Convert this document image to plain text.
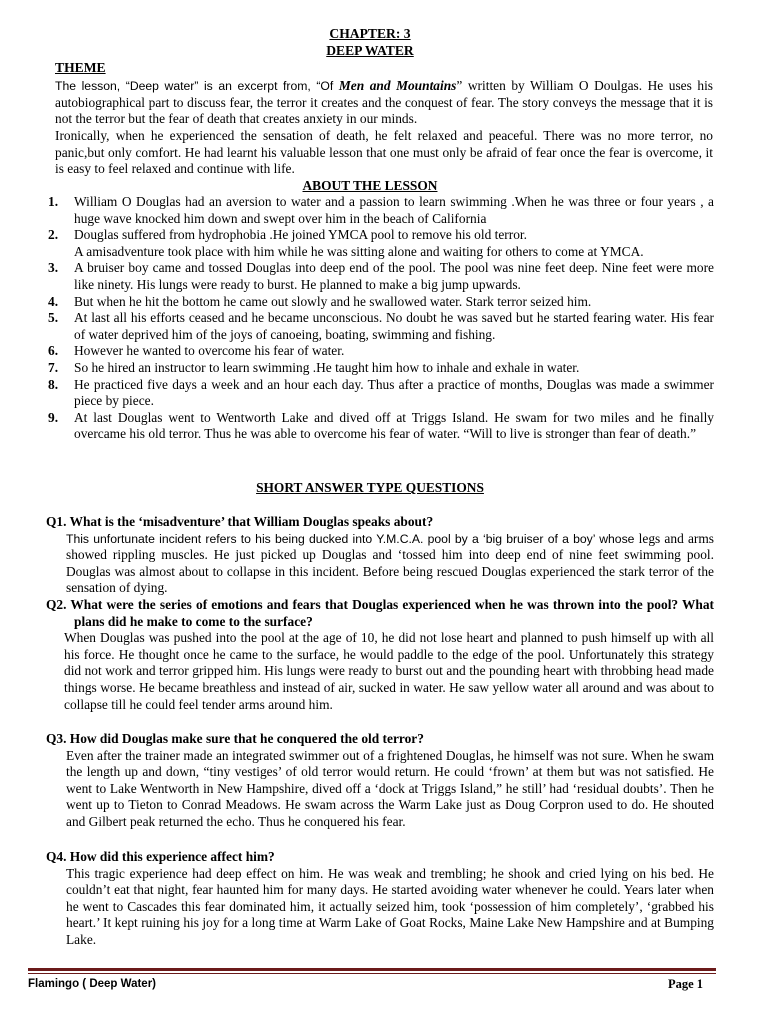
CHAPTER: 3
DEEP WATER
THEME
The lesson, “Deep water” is an excerpt from, “Of Men and Mountains” written by William O Doulgas. He uses his autobiographical part to discuss fear, the terror it creates and the conquest of fear. The story conveys the message that it is not the terror but the fear of death that creates anxiety in our minds.
Ironically, when he experienced the sensation of death, he felt relaxed and peaceful. There was no more terror, no panic,but only comfort. He had learnt his valuable lesson that one must only be afraid of fear once the fear is overcome, it is easy to feel relaxed and continue with life.
ABOUT THE LESSON
1. William O Douglas had an aversion to water and a passion to learn swimming .When he was three or four years , a huge wave knocked him down and swept over him in the beach of California
2. Douglas suffered from hydrophobia .He joined YMCA pool to remove his old terror.
A amisadventure took place with him while he was sitting alone and waiting for others to come at YMCA.
3. A bruiser boy came and tossed Douglas into deep end of the pool. The pool was nine feet deep. Nine feet were more like ninety. His lungs were ready to burst. He planned to make a big jump upwards.
4. But when he hit the bottom he came out slowly and he swallowed water. Stark terror seized him.
5. At last all his efforts ceased and he became unconscious. No doubt he was saved but he started fearing water. His fear of water deprived him of the joys of canoeing, boating, swimming and fishing.
6. However he wanted to overcome his fear of water.
7. So he hired an instructor to learn swimming .He taught him how to inhale and exhale in water.
8. He practiced five days a week and an hour each day. Thus after a practice of months, Douglas was made a swimmer piece by piece.
9. At last Douglas went to Wentworth Lake and dived off at Triggs Island. He swam for two miles and he finally overcame his old terror. Thus he was able to overcome his fear of water. “Will to live is stronger than fear of death.”
SHORT ANSWER TYPE QUESTIONS
Q1. What is the ‘misadventure’ that William Douglas speaks about?
This unfortunate incident refers to his being ducked into Y.M.C.A. pool by a ‘big bruiser of a boy’ whose legs and arms showed rippling muscles. He just picked up Douglas and ‘tossed him into deep end of nine feet swimming pool. Douglas was almost about to collapse in this incident. Before being rescued Douglas experienced the stark terror of the sensation of dying.
Q2. What were the series of emotions and fears that Douglas experienced when he was thrown into the pool? What plans did he make to come to the surface?
When Douglas was pushed into the pool at the age of 10, he did not lose heart and planned to push himself up with all his force. He thought once he came to the surface, he would paddle to the edge of the pool. Unfortunately this strategy did not work and terror gripped him. His lungs were ready to burst out and the pounding heart with throbbing head made things worse. He became breathless and instead of air, sucked in water. He saw yellow water all around and was about to collapse till he could feel tender arms around him.
Q3. How did Douglas make sure that he conquered the old terror?
Even after the trainer made an integrated swimmer out of a frightened Douglas, he himself was not sure. When he swam the length up and down, “tiny vestiges’ of old terror would return. He could ‘frown’ at them but was not satisfied. He went to Lake Wentworth in New Hampshire, dived off a ‘dock at Triggs Island,” he still’ had ‘residual doubts’. Then he went up to Tieton to Conrad Meadows. He swam across the Warm Lake just as Doug Corpron used to do. He shouted and Gilbert peak returned the echo. Thus he conquered his fear.
Q4. How did this experience affect him?
This tragic experience had deep effect on him. He was weak and trembling; he shook and cried lying on his bed. He couldn’t eat that night, fear haunted him for many days. He started avoiding water whenever he could. Years later when he went to Cascades this fear dominated him, it actually seized him, took ‘possession of him completely’, ‘grabbed his heart.’ It kept ruining his joy for a long time at Warm Lake of Goat Rocks, Maine Lake New Hampshire and at Bumping Lake.
Flamingo ( Deep Water)	Page 1
